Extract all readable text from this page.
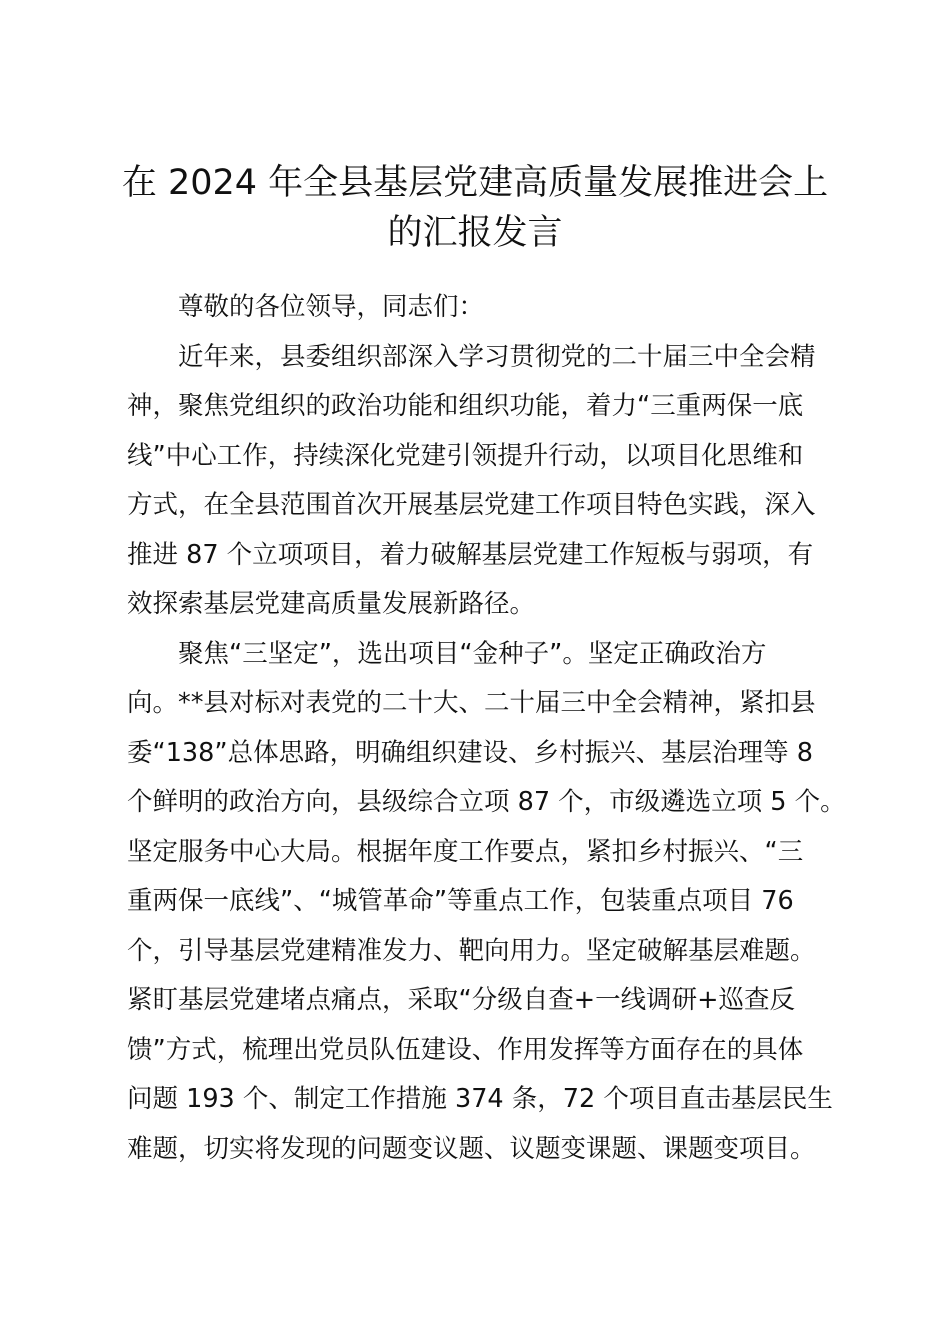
在 2024 年全县基层党建高质量发展推进会上
的汇报发言

尊敬的各位领导，同志们：

近年来，县委组织部深入学习贯彻党的二十届三中全会精
神，聚焦党组织的政治功能和组织功能，着力“三重两保一底
线”中心工作，持续深化党建引领提升行动，以项目化思维和
方式，在全县范围首次开展基层党建工作项目特色实践，深入
推进 87 个立项项目，着力破解基层党建工作短板与弱项，有
效探索基层党建高质量发展新路径。

聚焦“三坚定”，选出项目“金种子”。坚定正确政治方
向。**县对标对表党的二十大、二十届三中全会精神，紧扣县
委“138”总体思路，明确组织建设、乡村振兴、基层治理等 8
个鲜明的政治方向，县级综合立项 87 个，市级遴选立项 5 个。
坚定服务中心大局。根据年度工作要点，紧扣乡村振兴、“三
重两保一底线”、“城管革命”等重点工作，包装重点项目 76
个，引导基层党建精准发力、靶向用力。坚定破解基层难题。
紧盯基层党建堵点痛点，采取“分级自查+一线调研+巡查反
馈”方式，梳理出党员队伍建设、作用发挥等方面存在的具体
问题 193 个、制定工作措施 374 条，72 个项目直击基层民生
难题，切实将发现的问题变议题、议题变课题、课题变项目。
